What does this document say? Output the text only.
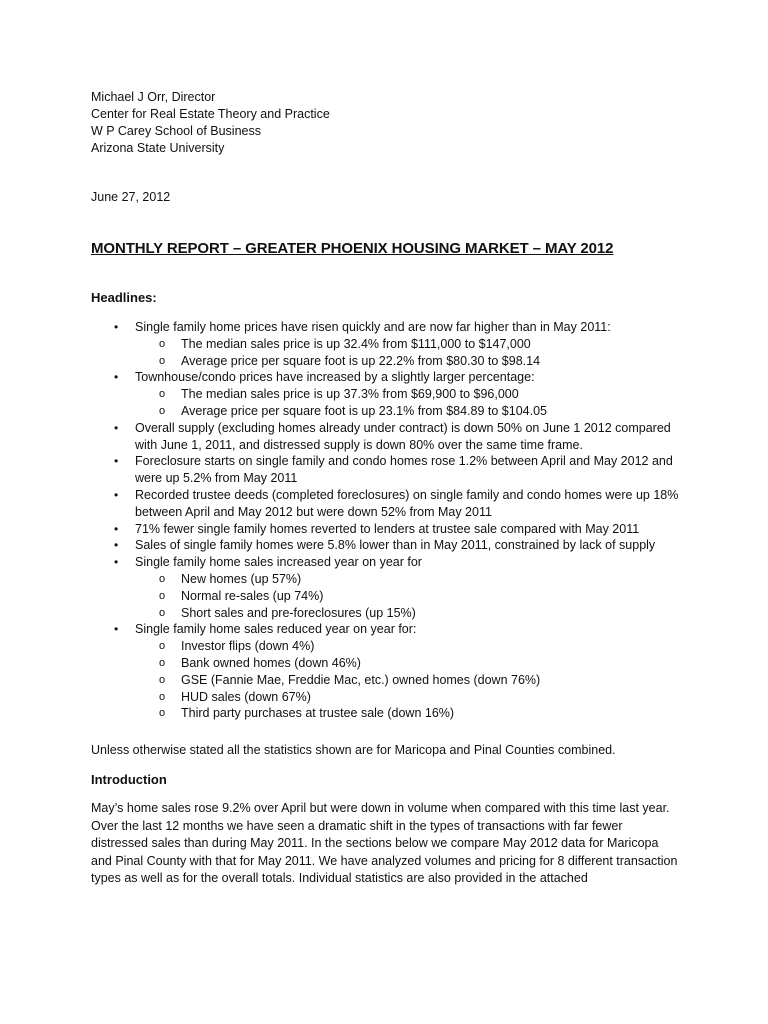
Michael J Orr, Director
Center for Real Estate Theory and Practice
W P Carey School of Business
Arizona State University
June 27, 2012
MONTHLY REPORT – GREATER PHOENIX HOUSING MARKET – MAY 2012
Headlines:
• Single family home prices have risen quickly and are now far higher than in May 2011:
o The median sales price is up 32.4% from $111,000 to $147,000
o Average price per square foot is up 22.2% from $80.30 to $98.14
• Townhouse/condo prices have increased by a slightly larger percentage:
o The median sales price is up 37.3% from $69,900 to $96,000
o Average price per square foot is up 23.1% from $84.89 to $104.05
• Overall supply (excluding homes already under contract) is down 50% on June 1 2012 compared with June 1, 2011, and distressed supply is down 80% over the same time frame.
• Foreclosure starts on single family and condo homes rose 1.2% between April and May 2012 and were up 5.2% from May 2011
• Recorded trustee deeds (completed foreclosures) on single family and condo homes were up 18% between April and May 2012 but were down 52% from May 2011
• 71% fewer single family homes reverted to lenders at trustee sale compared with May 2011
• Sales of single family homes were 5.8% lower than in May 2011, constrained by lack of supply
• Single family home sales increased year on year for
o New homes (up 57%)
o Normal re-sales (up 74%)
o Short sales and pre-foreclosures (up 15%)
• Single family home sales reduced year on year for:
o Investor flips (down 4%)
o Bank owned homes (down 46%)
o GSE (Fannie Mae, Freddie Mac, etc.) owned homes (down 76%)
o HUD sales (down 67%)
o Third party purchases at trustee sale (down 16%)
Unless otherwise stated all the statistics shown are for Maricopa and Pinal Counties combined.
Introduction
May’s home sales rose 9.2% over April but were down in volume when compared with this time last year. Over the last 12 months we have seen a dramatic shift in the types of transactions with far fewer distressed sales than during May 2011. In the sections below we compare May 2012 data for Maricopa and Pinal County with that for May 2011. We have analyzed volumes and pricing for 8 different transaction types as well as for the overall totals. Individual statistics are also provided in the attached
